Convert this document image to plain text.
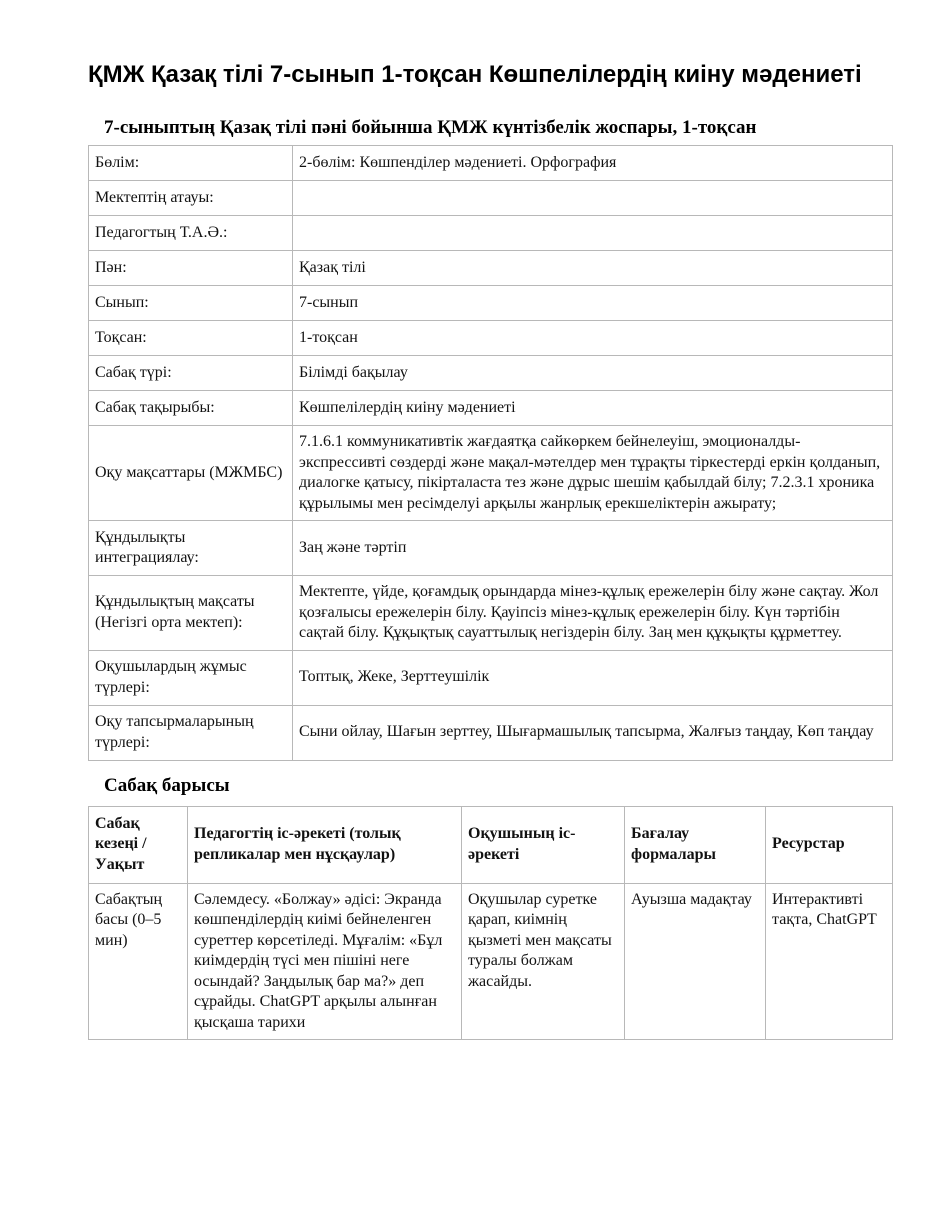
ҚМЖ Қазақ тілі 7-сынып 1-тоқсан Көшпелілердің киіну мәдениеті
7-сыныптың Қазақ тілі пәні бойынша ҚМЖ күнтізбелік жоспары, 1-тоқсан
Бөлім:	2-бөлім: Көшпенділер мәдениеті. Орфография
Мектептің атауы:	
Педагогтың Т.А.Ә.:	
Пән:	Қазақ тілі
Сынып:	7-сынып
Тоқсан:	1-тоқсан
Сабақ түрі:	Білімді бақылау
Сабақ тақырыбы:	Көшпелілердің киіну мәдениеті
Оқу мақсаттары (МЖМБС)	7.1.6.1 коммуникативтік жағдаятқа сайкөркем бейнелеуіш, эмоционалды-экспрессивті сөздерді және мақал-мәтелдер мен тұрақты тіркестерді еркін қолданып, диалогке қатысу, пікірталаста тез және дұрыс шешім қабылдай білу; 7.2.3.1 хроника құрылымы мен ресімделуі арқылы жанрлық ерекшеліктерін ажырату;
Құндылықты интеграциялау:	Заң және тәртіп
Құндылықтың мақсаты (Негізгі орта мектеп):	Мектепте, үйде, қоғамдық орындарда мінез-құлық ережелерін білу және сақтау. Жол қозғалысы ережелерін білу. Қауіпсіз мінез-құлық ережелерін білу. Күн тәртібін сақтай білу. Құқықтық сауаттылық негіздерін білу. Заң мен құқықты құрметтеу.
Оқушылардың жұмыс түрлері:	Топтық, Жеке, Зерттеушілік
Оқу тапсырмаларының түрлері:	Сыни ойлау, Шағын зерттеу, Шығармашылық тапсырма, Жалғыз таңдау, Көп таңдау
Сабақ барысы
Сабақ кезеңі / Уақыт	Педагогтің іс-әрекеті (толық репликалар мен нұсқаулар)	Оқушының іс-әрекеті	Бағалау формалары	Ресурстар
Сабақтың басы (0–5 мин)	Сәлемдесу. «Болжау» әдісі: Экранда көшпенділердің киімі бейнеленген суреттер көрсетіледі. Мұғалім: «Бұл киімдердің түсі мен пішіні неге осындай? Заңдылық бар ма?» деп сұрайды. ChatGPT арқылы алынған қысқаша тарихи	Оқушылар суретке қарап, киімнің қызметі мен мақсаты туралы болжам жасайды.	Ауызша мадақтау	Интерактивті тақта, ChatGPT
